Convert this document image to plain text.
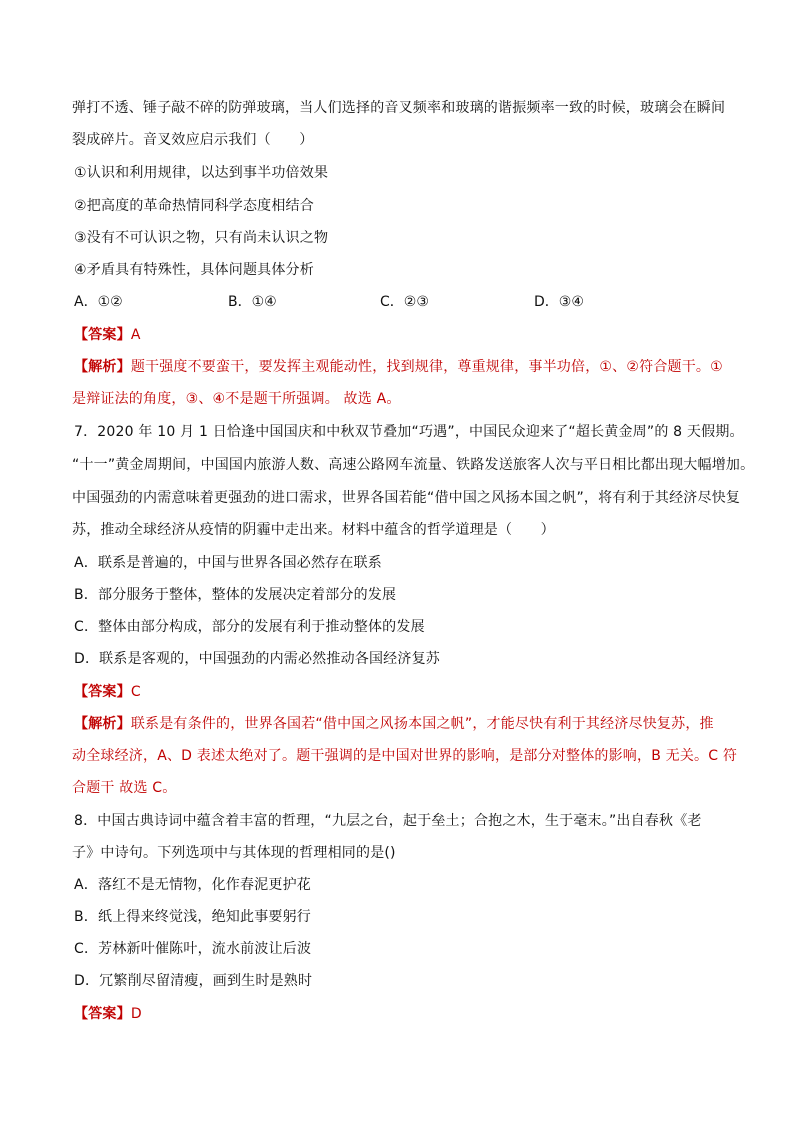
弹打不透、锤子敲不碎的防弹玻璃，当人们选择的音叉频率和玻璃的谐振频率一致的时候，玻璃会在瞬间
裂成碎片。音叉效应启示我们（　　）
①认识和利用规律，以达到事半功倍效果
②把高度的革命热情同科学态度相结合
③没有不可认识之物，只有尚未认识之物
④矛盾具有特殊性，具体问题具体分析
A．①②	B．①④	C．②③	D．③④
【答案】A
【解析】题干强度不要蛮干，要发挥主观能动性，找到规律，尊重规律，事半功倍，①、②符合题干。①
是辩证法的角度，③、④不是题干所强调。 故选 A。
7．2020 年 10 月 1 日恰逢中国国庆和中秋双节叠加“巧遇”，中国民众迎来了“超长黄金周”的 8 天假期。
“十一”黄金周期间，中国国内旅游人数、高速公路网车流量、铁路发送旅客人次与平日相比都出现大幅增加。
中国强劲的内需意味着更强劲的进口需求，世界各国若能“借中国之风扬本国之帆”，将有利于其经济尽快复
苏，推动全球经济从疫情的阴霾中走出来。材料中蕴含的哲学道理是（　　）
A．联系是普遍的，中国与世界各国必然存在联系
B．部分服务于整体，整体的发展决定着部分的发展
C．整体由部分构成，部分的发展有利于推动整体的发展
D．联系是客观的，中国强劲的内需必然推动各国经济复苏
【答案】C
【解析】联系是有条件的，世界各国若“借中国之风扬本国之帆”，才能尽快有利于其经济尽快复苏，推
动全球经济，A、D 表述太绝对了。题干强调的是中国对世界的影响，是部分对整体的影响，B 无关。C 符
合题干 故选 C。
8．中国古典诗词中蕴含着丰富的哲理，“九层之台，起于垒土；合抱之木，生于毫末。”出自春秋《老
子》中诗句。下列选项中与其体现的哲理相同的是()
A．落红不是无情物，化作春泥更护花
B．纸上得来终觉浅，绝知此事要躬行
C．芳林新叶催陈叶，流水前波让后波
D．冗繁削尽留清瘦，画到生时是熟时
【答案】D
